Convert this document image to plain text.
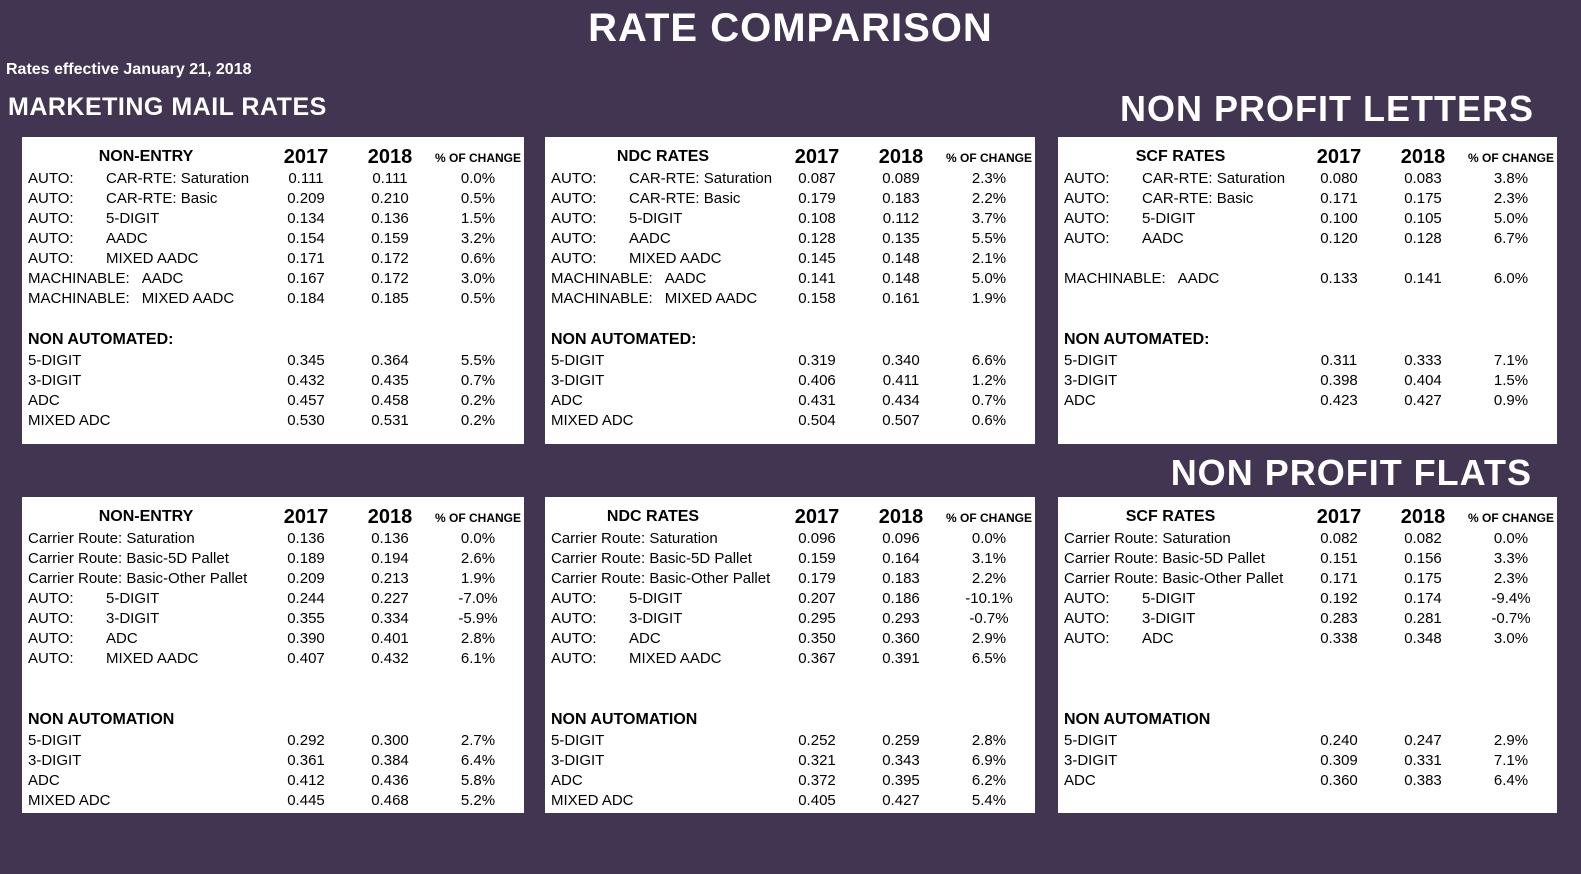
RATE COMPARISON
Rates effective January 21, 2018
MARKETING MAIL RATES	NON PROFIT LETTERS
NON PROFIT FLATS
NON-ENTRY	2017	2018	% OF CHANGE
AUTO: CAR-RTE: Saturation	0.111	0.111	0.0%
AUTO: CAR-RTE: Basic	0.209	0.210	0.5%
AUTO: 5-DIGIT	0.134	0.136	1.5%
AUTO: AADC	0.154	0.159	3.2%
AUTO: MIXED AADC	0.171	0.172	0.6%
MACHINABLE: AADC	0.167	0.172	3.0%
MACHINABLE: MIXED AADC	0.184	0.185	0.5%
NON AUTOMATED:
5-DIGIT	0.345	0.364	5.5%
3-DIGIT	0.432	0.435	0.7%
ADC	0.457	0.458	0.2%
MIXED ADC	0.530	0.531	0.2%
NDC RATES	2017	2018	% OF CHANGE
AUTO: CAR-RTE: Saturation	0.087	0.089	2.3%
AUTO: CAR-RTE: Basic	0.179	0.183	2.2%
AUTO: 5-DIGIT	0.108	0.112	3.7%
AUTO: AADC	0.128	0.135	5.5%
AUTO: MIXED AADC	0.145	0.148	2.1%
MACHINABLE: AADC	0.141	0.148	5.0%
MACHINABLE: MIXED AADC	0.158	0.161	1.9%
NON AUTOMATED:
5-DIGIT	0.319	0.340	6.6%
3-DIGIT	0.406	0.411	1.2%
ADC	0.431	0.434	0.7%
MIXED ADC	0.504	0.507	0.6%
SCF RATES	2017	2018	% OF CHANGE
AUTO: CAR-RTE: Saturation	0.080	0.083	3.8%
AUTO: CAR-RTE: Basic	0.171	0.175	2.3%
AUTO: 5-DIGIT	0.100	0.105	5.0%
AUTO: AADC	0.120	0.128	6.7%
MACHINABLE: AADC	0.133	0.141	6.0%
NON AUTOMATED:
5-DIGIT	0.311	0.333	7.1%
3-DIGIT	0.398	0.404	1.5%
ADC	0.423	0.427	0.9%
NON-ENTRY	2017	2018	% OF CHANGE
Carrier Route: Saturation	0.136	0.136	0.0%
Carrier Route: Basic-5D Pallet	0.189	0.194	2.6%
Carrier Route: Basic-Other Pallet	0.209	0.213	1.9%
AUTO: 5-DIGIT	0.244	0.227	-7.0%
AUTO: 3-DIGIT	0.355	0.334	-5.9%
AUTO: ADC	0.390	0.401	2.8%
AUTO: MIXED AADC	0.407	0.432	6.1%
NON AUTOMATION
5-DIGIT	0.292	0.300	2.7%
3-DIGIT	0.361	0.384	6.4%
ADC	0.412	0.436	5.8%
MIXED ADC	0.445	0.468	5.2%
NDC RATES	2017	2018	% OF CHANGE
Carrier Route: Saturation	0.096	0.096	0.0%
Carrier Route: Basic-5D Pallet	0.159	0.164	3.1%
Carrier Route: Basic-Other Pallet	0.179	0.183	2.2%
AUTO: 5-DIGIT	0.207	0.186	-10.1%
AUTO: 3-DIGIT	0.295	0.293	-0.7%
AUTO: ADC	0.350	0.360	2.9%
AUTO: MIXED AADC	0.367	0.391	6.5%
NON AUTOMATION
5-DIGIT	0.252	0.259	2.8%
3-DIGIT	0.321	0.343	6.9%
ADC	0.372	0.395	6.2%
MIXED ADC	0.405	0.427	5.4%
SCF RATES	2017	2018	% OF CHANGE
Carrier Route: Saturation	0.082	0.082	0.0%
Carrier Route: Basic-5D Pallet	0.151	0.156	3.3%
Carrier Route: Basic-Other Pallet	0.171	0.175	2.3%
AUTO: 5-DIGIT	0.192	0.174	-9.4%
AUTO: 3-DIGIT	0.283	0.281	-0.7%
AUTO: ADC	0.338	0.348	3.0%
NON AUTOMATION
5-DIGIT	0.240	0.247	2.9%
3-DIGIT	0.309	0.331	7.1%
ADC	0.360	0.383	6.4%
